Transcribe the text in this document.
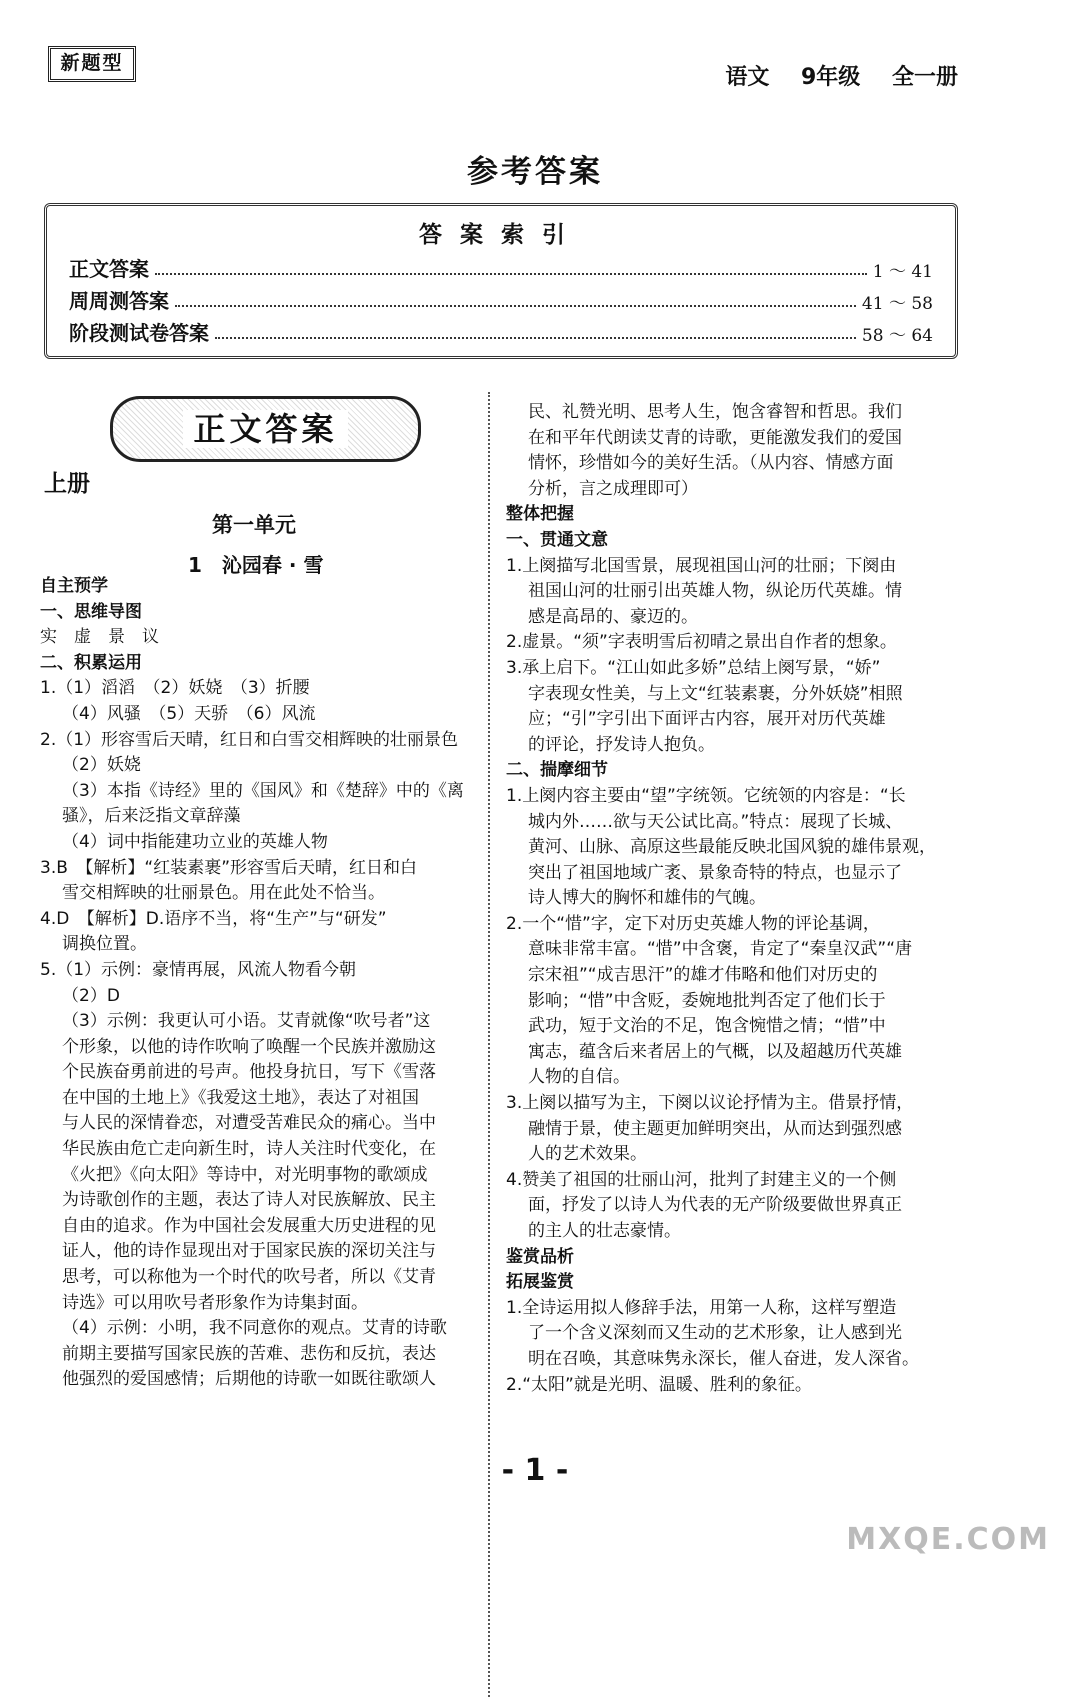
新题型
语文 9年级 全一册
参考答案
答案索引
正文答案	1 ～ 41
周周测答案	41 ～ 58
阶段测试卷答案	58 ～ 64
正文答案
上册
第一单元
1　沁园春 · 雪

自主预学

一、思维导图

实　虚　景　议

二、积累运用

1.（1）滔滔　（2）妖娆　（3）折腰

（4）风骚　（5）天骄　（6）风流

2.（1）形容雪后天晴，红日和白雪交相辉映的壮丽景色

（2）妖娆

（3）本指《诗经》里的《国风》和《楚辞》中的《离

骚》，后来泛指文章辞藻

（4）词中指能建功立业的英雄人物

3.B　【解析】“红装素裹”形容雪后天晴，红日和白

雪交相辉映的壮丽景色。用在此处不恰当。

4.D　【解析】D.语序不当，将“生产”与“研发”

调换位置。

5.（1）示例：豪情再展，风流人物看今朝

（2）D

（3）示例：我更认可小语。艾青就像“吹号者”这

个形象，以他的诗作吹响了唤醒一个民族并激励这

个民族奋勇前进的号声。他投身抗日，写下《雪落

在中国的土地上》《我爱这土地》，表达了对祖国

与人民的深情眷恋，对遭受苦难民众的痛心。当中

华民族由危亡走向新生时，诗人关注时代变化，在

《火把》《向太阳》等诗中，对光明事物的歌颂成

为诗歌创作的主题，表达了诗人对民族解放、民主

自由的追求。作为中国社会发展重大历史进程的见

证人，他的诗作显现出对于国家民族的深切关注与

思考，可以称他为一个时代的吹号者，所以《艾青

诗选》可以用吹号者形象作为诗集封面。

（4）示例：小明，我不同意你的观点。艾青的诗歌

前期主要描写国家民族的苦难、悲伤和反抗，表达

他强烈的爱国感情；后期他的诗歌一如既往歌颂人

民、礼赞光明、思考人生，饱含睿智和哲思。我们

在和平年代朗读艾青的诗歌，更能激发我们的爱国

情怀，珍惜如今的美好生活。（从内容、情感方面

分析，言之成理即可）

整体把握

一、贯通文意

1.上阕描写北国雪景，展现祖国山河的壮丽；下阕由

祖国山河的壮丽引出英雄人物，纵论历代英雄。情

感是高昂的、豪迈的。

2.虚景。“须”字表明雪后初晴之景出自作者的想象。

3.承上启下。“江山如此多娇”总结上阕写景，“娇”

字表现女性美，与上文“红装素裹，分外妖娆”相照

应；“引”字引出下面评古内容，展开对历代英雄

的评论，抒发诗人抱负。

二、揣摩细节

1.上阕内容主要由“望”字统领。它统领的内容是：“长

城内外……欲与天公试比高。”特点：展现了长城、

黄河、山脉、高原这些最能反映北国风貌的雄伟景观，

突出了祖国地域广袤、景象奇特的特点，也显示了

诗人博大的胸怀和雄伟的气魄。

2.一个“惜”字，定下对历史英雄人物的评论基调，

意味非常丰富。“惜”中含褒，肯定了“秦皇汉武”“唐

宗宋祖”“成吉思汗”的雄才伟略和他们对历史的

影响；“惜”中含贬，委婉地批判否定了他们长于

武功，短于文治的不足，饱含惋惜之情；“惜”中

寓志，蕴含后来者居上的气概，以及超越历代英雄

人物的自信。

3.上阕以描写为主，下阕以议论抒情为主。借景抒情，

融情于景，使主题更加鲜明突出，从而达到强烈感

人的艺术效果。

4.赞美了祖国的壮丽山河，批判了封建主义的一个侧

面，抒发了以诗人为代表的无产阶级要做世界真正

的主人的壮志豪情。

鉴赏品析

拓展鉴赏

1.全诗运用拟人修辞手法，用第一人称，这样写塑造

了一个含义深刻而又生动的艺术形象，让人感到光

明在召唤，其意味隽永深长，催人奋进，发人深省。

2.“太阳”就是光明、温暖、胜利的象征。

- 1 -
MXQE.COM
